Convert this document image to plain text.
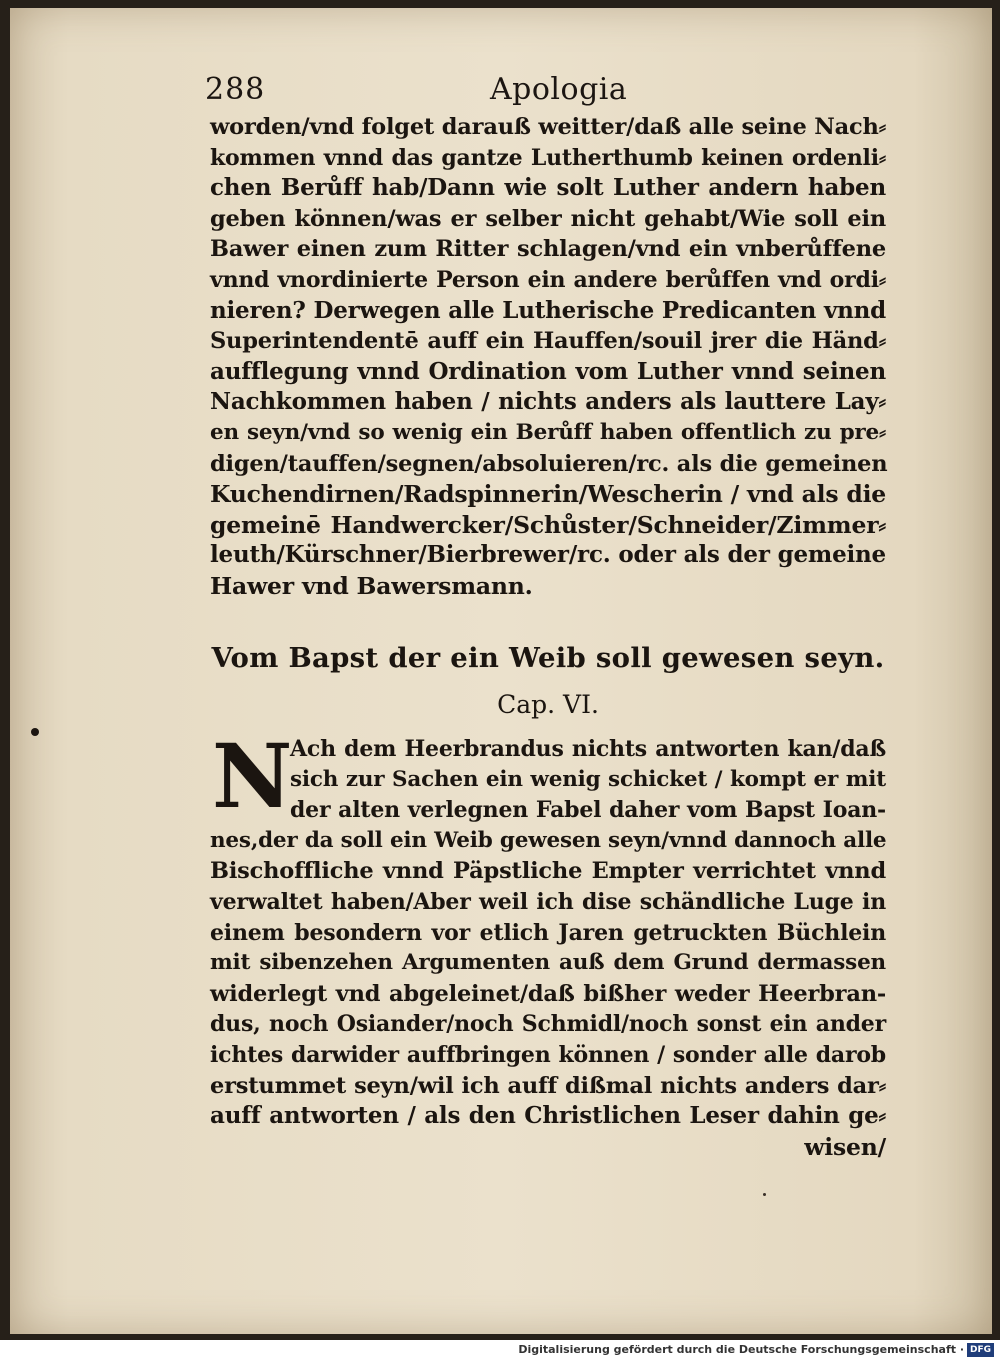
288	Apologia
worden/vnd folget darauß weitter/daß alle seine Nach⸗
kommen vnnd das gantze Lutherthumb keinen ordenli⸗
chen Berůff hab/Dann wie solt Luther andern haben
geben können/was er selber nicht gehabt/Wie soll ein
Bawer einen zum Ritter schlagen/vnd ein vnberůffene
vnnd vnordinierte Person ein andere berůffen vnd ordi⸗
nieren? Derwegen alle Lutherische Predicanten vnnd
Superintendentē auff ein Hauffen/souil jrer die Händ⸗
aufflegung vnnd Ordination vom Luther vnnd seinen
Nachkommen haben / nichts anders als lauttere Lay⸗
en seyn/vnd so wenig ein Berůff haben offentlich zu pre⸗
digen/tauffen/segnen/absoluieren/rc. als die gemeinen
Kuchendirnen/Radspinnerin/Wescherin / vnd als die
gemeinē Handwercker/Schůster/Schneider/Zimmer⸗
leuth/Kürschner/Bierbrewer/rc. oder als der gemeine
Hawer vnd Bawersmann.
Vom Bapst der ein Weib soll gewesen seyn.
Cap. VI.
N
Ach dem Heerbrandus nichts antworten kan/daß
sich zur Sachen ein wenig schicket / kompt er mit
der alten verlegnen Fabel daher vom Bapst Ioan-
nes,der da soll ein Weib gewesen seyn/vnnd dannoch alle
Bischoffliche vnnd Päpstliche Empter verrichtet vnnd
verwaltet haben/Aber weil ich dise schändliche Luge in
einem besondern vor etlich Jaren getruckten Büchlein
mit sibenzehen Argumenten auß dem Grund dermassen
widerlegt vnd abgeleinet/daß bißher weder Heerbran-
dus, noch Osiander/noch Schmidl/noch sonst ein ander
ichtes darwider auffbringen können / sonder alle darob
erstummet seyn/wil ich auff dißmal nichts anders dar⸗
auff antworten / als den Christlichen Leser dahin ge⸗
wisen/
Digitalisierung gefördert durch die Deutsche Forschungsgemeinschaft · DFG
